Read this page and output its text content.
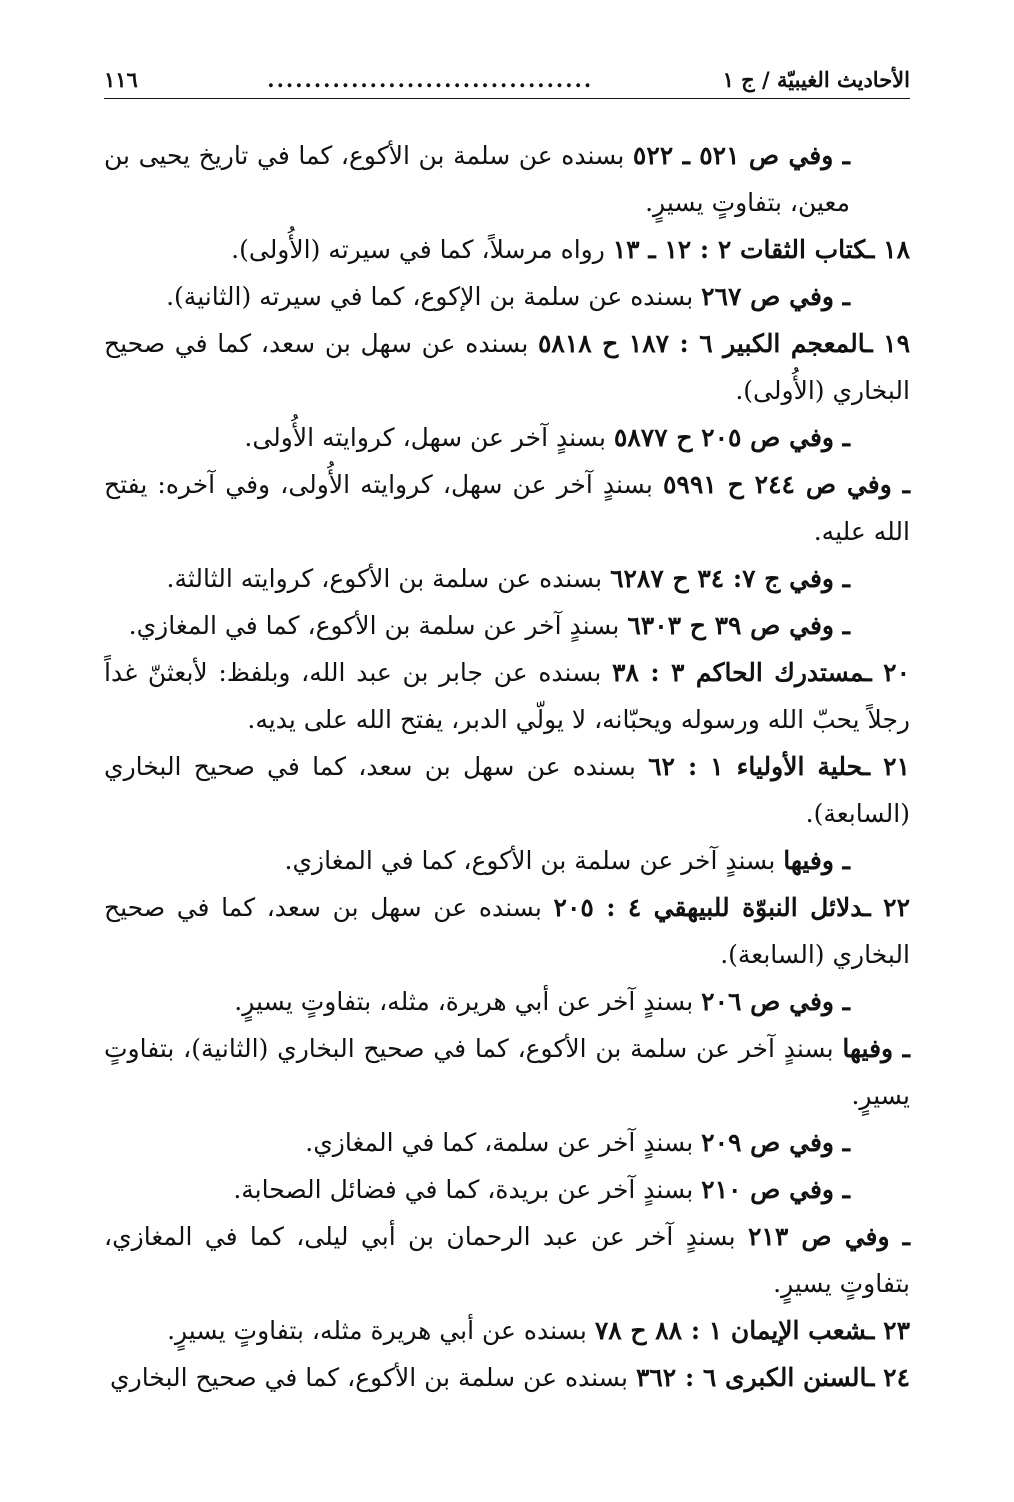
١١٦	...................................	الأحاديث الغيبيّة / ج ١

ـ وفي ص ٥٢١ ـ ٥٢٢ بسنده عن سلمة بن الأكوع، كما في تاريخ يحيى بن معين، بتفاوتٍ يسيرٍ.

١٨ ـكتاب الثقات ٢ : ١٢ ـ ١٣ رواه مرسلاً، كما في سيرته (الأُولى).

ـ وفي ص ٢٦٧ بسنده عن سلمة بن الإكوع، كما في سيرته (الثانية).

١٩ ـالمعجم الكبير ٦ : ١٨٧ ح ٥٨١٨ بسنده عن سهل بن سعد، كما في صحيح البخاري (الأُولى).

ـ وفي ص ٢٠٥ ح ٥٨٧٧ بسندٍ آخر عن سهل، كروايته الأُولى.

ـ وفي ص ٢٤٤ ح ٥٩٩١ بسندٍ آخر عن سهل، كروايته الأُولى، وفي آخره: يفتح الله عليه.

ـ وفي ج ٧: ٣٤ ح ٦٢٨٧ بسنده عن سلمة بن الأكوع، كروايته الثالثة.

ـ وفي ص ٣٩ ح ٦٣٠٣ بسندٍ آخر عن سلمة بن الأكوع، كما في المغازي.

٢٠ ـمستدرك الحاكم ٣ : ٣٨ بسنده عن جابر بن عبد الله، وبلفظ: لأبعثنّ غداً رجلاً يحبّ الله ورسوله ويحبّانه، لا يولّي الدبر، يفتح الله على يديه.

٢١ ـحلية الأولياء ١ : ٦٢ بسنده عن سهل بن سعد، كما في صحيح البخاري (السابعة).

ـ وفيها بسندٍ آخر عن سلمة بن الأكوع، كما في المغازي.

٢٢ ـدلائل النبوّة للبيهقي ٤ : ٢٠٥ بسنده عن سهل بن سعد، كما في صحيح البخاري (السابعة).

ـ وفي ص ٢٠٦ بسندٍ آخر عن أبي هريرة، مثله، بتفاوتٍ يسيرٍ.

ـ وفيها بسندٍ آخر عن سلمة بن الأكوع، كما في صحيح البخاري (الثانية)، بتفاوتٍ يسيرٍ.

ـ وفي ص ٢٠٩ بسندٍ آخر عن سلمة، كما في المغازي.

ـ وفي ص ٢١٠ بسندٍ آخر عن بريدة، كما في فضائل الصحابة.

ـ وفي ص ٢١٣ بسندٍ آخر عن عبد الرحمان بن أبي ليلى، كما في المغازي، بتفاوتٍ يسيرٍ.

٢٣ ـشعب الإيمان ١ : ٨٨ ح ٧٨ بسنده عن أبي هريرة مثله، بتفاوتٍ يسيرٍ.

٢٤ ـالسنن الكبرى ٦ : ٣٦٢ بسنده عن سلمة بن الأكوع، كما في صحيح البخاري
